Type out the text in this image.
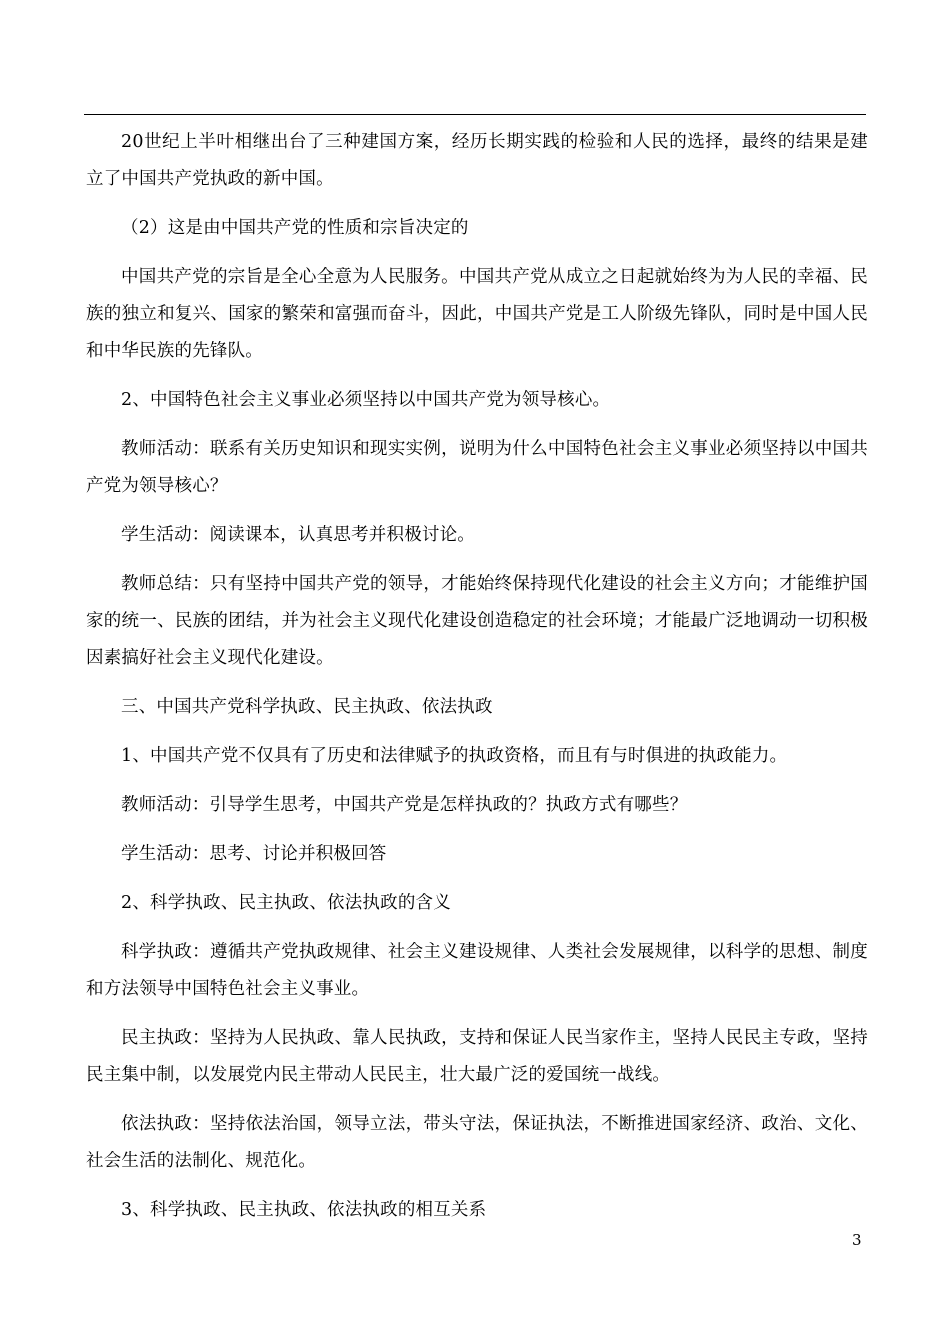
20世纪上半叶相继出台了三种建国方案，经历长期实践的检验和人民的选择，最终的结果是建立了中国共产党执政的新中国。

（2）这是由中国共产党的性质和宗旨决定的

中国共产党的宗旨是全心全意为人民服务。中国共产党从成立之日起就始终为为人民的幸福、民族的独立和复兴、国家的繁荣和富强而奋斗，因此，中国共产党是工人阶级先锋队，同时是中国人民和中华民族的先锋队。

2、中国特色社会主义事业必须坚持以中国共产党为领导核心。

教师活动：联系有关历史知识和现实实例，说明为什么中国特色社会主义事业必须坚持以中国共产党为领导核心？

学生活动：阅读课本，认真思考并积极讨论。

教师总结：只有坚持中国共产党的领导，才能始终保持现代化建设的社会主义方向；才能维护国家的统一、民族的团结，并为社会主义现代化建设创造稳定的社会环境；才能最广泛地调动一切积极因素搞好社会主义现代化建设。

三、中国共产党科学执政、民主执政、依法执政

1、中国共产党不仅具有了历史和法律赋予的执政资格，而且有与时俱进的执政能力。

教师活动：引导学生思考，中国共产党是怎样执政的？执政方式有哪些？

学生活动：思考、讨论并积极回答

2、科学执政、民主执政、依法执政的含义

科学执政：遵循共产党执政规律、社会主义建设规律、人类社会发展规律，以科学的思想、制度和方法领导中国特色社会主义事业。

民主执政：坚持为人民执政、靠人民执政，支持和保证人民当家作主，坚持人民民主专政，坚持民主集中制，以发展党内民主带动人民民主，壮大最广泛的爱国统一战线。

依法执政：坚持依法治国，领导立法，带头守法，保证执法，不断推进国家经济、政治、文化、社会生活的法制化、规范化。

3、科学执政、民主执政、依法执政的相互关系

3
